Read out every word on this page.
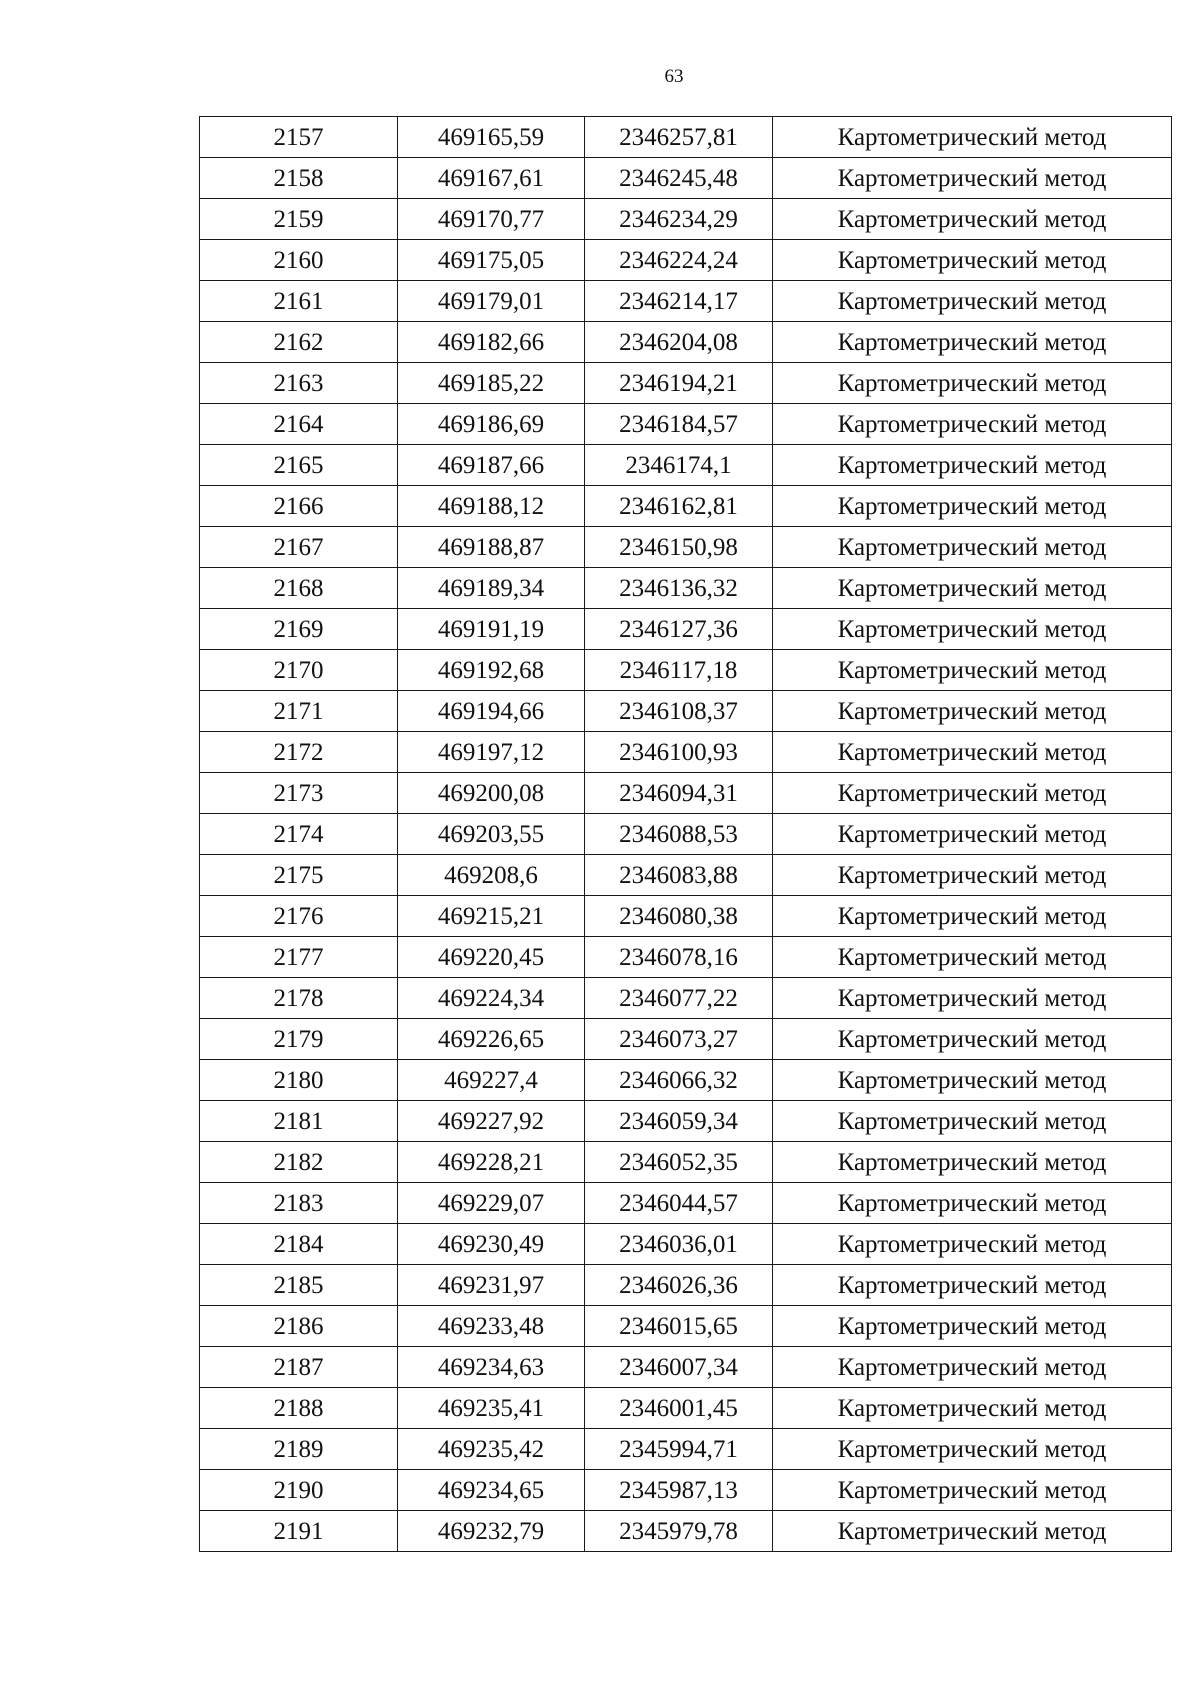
63
2157	469165,59	2346257,81	Картометрический метод
2158	469167,61	2346245,48	Картометрический метод
2159	469170,77	2346234,29	Картометрический метод
2160	469175,05	2346224,24	Картометрический метод
2161	469179,01	2346214,17	Картометрический метод
2162	469182,66	2346204,08	Картометрический метод
2163	469185,22	2346194,21	Картометрический метод
2164	469186,69	2346184,57	Картометрический метод
2165	469187,66	2346174,1	Картометрический метод
2166	469188,12	2346162,81	Картометрический метод
2167	469188,87	2346150,98	Картометрический метод
2168	469189,34	2346136,32	Картометрический метод
2169	469191,19	2346127,36	Картометрический метод
2170	469192,68	2346117,18	Картометрический метод
2171	469194,66	2346108,37	Картометрический метод
2172	469197,12	2346100,93	Картометрический метод
2173	469200,08	2346094,31	Картометрический метод
2174	469203,55	2346088,53	Картометрический метод
2175	469208,6	2346083,88	Картометрический метод
2176	469215,21	2346080,38	Картометрический метод
2177	469220,45	2346078,16	Картометрический метод
2178	469224,34	2346077,22	Картометрический метод
2179	469226,65	2346073,27	Картометрический метод
2180	469227,4	2346066,32	Картометрический метод
2181	469227,92	2346059,34	Картометрический метод
2182	469228,21	2346052,35	Картометрический метод
2183	469229,07	2346044,57	Картометрический метод
2184	469230,49	2346036,01	Картометрический метод
2185	469231,97	2346026,36	Картометрический метод
2186	469233,48	2346015,65	Картометрический метод
2187	469234,63	2346007,34	Картометрический метод
2188	469235,41	2346001,45	Картометрический метод
2189	469235,42	2345994,71	Картометрический метод
2190	469234,65	2345987,13	Картометрический метод
2191	469232,79	2345979,78	Картометрический метод
